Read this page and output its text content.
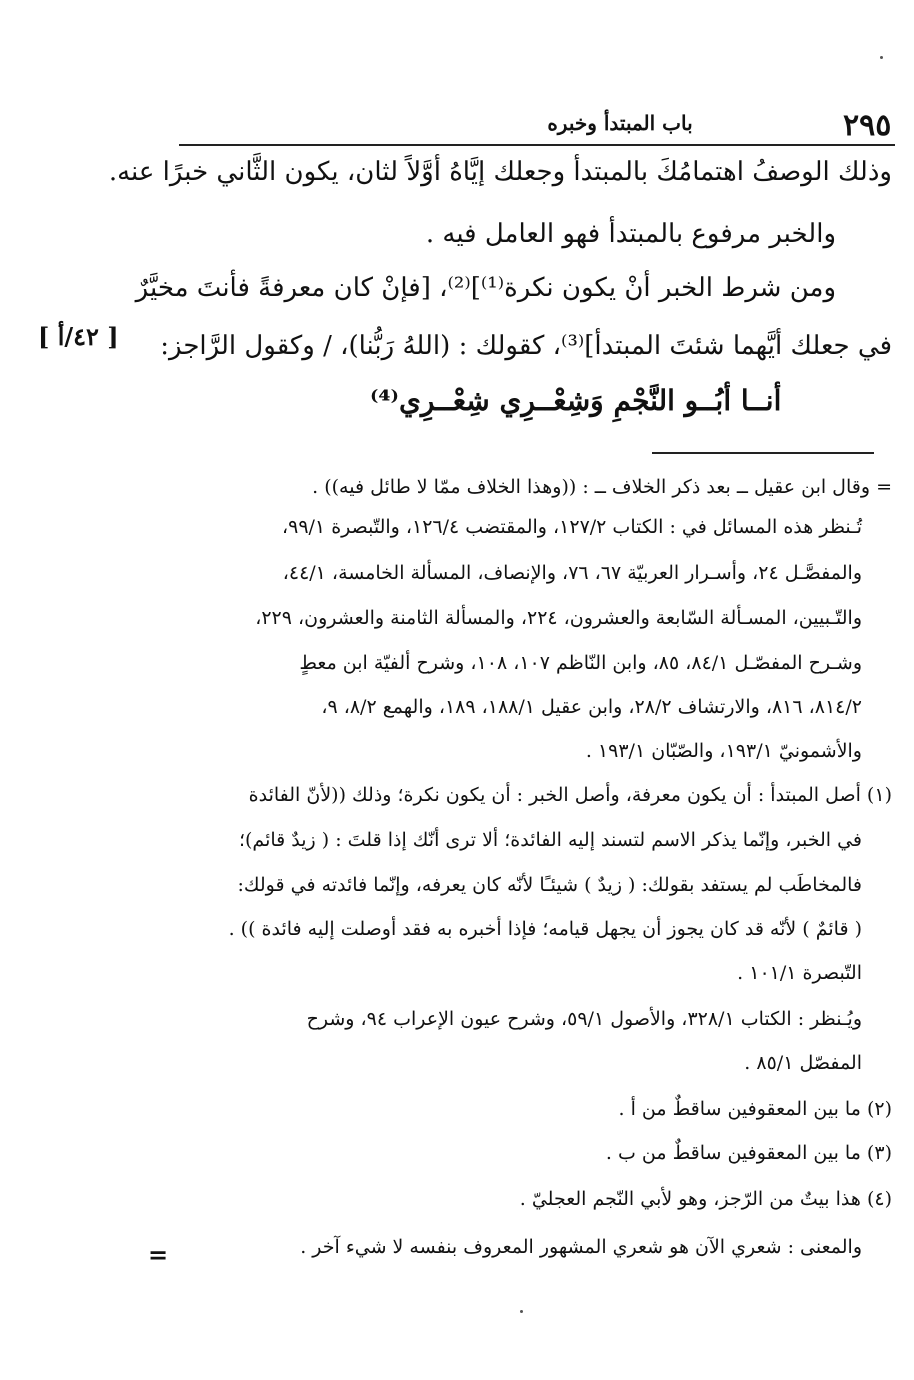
٢٩٥
باب المبتدأ وخبره
وذلك الوصفُ اهتمامُكَ بالمبتدأ وجعلك إيَّاهُ أوَّلاً لثان، يكون الثَّاني خبرًا عنه.
والخبر مرفوع بالمبتدأ فهو العامل فيه .
ومن شرط الخبر أنْ يكون نكرة⁽¹⁾]⁽²⁾، [فإنْ كان معرفةً فأنتَ مخيَّرٌ
في جعلك أيَّهما شئتَ المبتدأ]⁽³⁾، كقولك : (اللهُ رَبُّنا)، / وكقول الرَّاجز:
[ ٤٢/أ ]
أنــا أبُــو النَّجْمِ وَشِعْــرِي شِعْــرِي⁽⁴⁾
= وقال ابن عقيل ــ بعد ذكر الخلاف ــ : ((وهذا الخلاف ممّا لا طائل فيه)) .
تُـنظر هذه المسائل في : الكتاب ١٢٧/٢، والمقتضب ١٢٦/٤، والتّبصرة ٩٩/١،
والمفصَّـل ٢٤، وأسـرار العربيّة ٦٧، ٧٦، والإنصاف، المسألة الخامسة، ٤٤/١،
والتّـبيين، المسـألة السّابعة والعشرون، ٢٢٤، والمسألة الثامنة والعشرون، ٢٢٩،
وشـرح المفصّـل ٨٤/١، ٨٥، وابن النّاظم ١٠٧، ١٠٨، وشرح ألفيّة ابن معطٍ
٨١٤/٢، ٨١٦، والارتشاف ٢٨/٢، وابن عقيل ١٨٨/١، ١٨٩، والهمع ٨/٢، ٩،
والأشمونيّ ١٩٣/١، والصّبّان ١٩٣/١ .
(١) أصل المبتدأ : أن يكون معرفة، وأصل الخبر : أن يكون نكرة؛ وذلك ((لأنّ الفائدة
في الخبر، وإنّما يذكر الاسم لتسند إليه الفائدة؛ ألا ترى أنّك إذا قلتَ : ( زيدٌ قائم)؛
فالمخاطَب لم يستفد بقولك: ( زيدٌ ) شيئـًا لأنّه كان يعرفه، وإنّما فائدته في قولك:
( قائمٌ ) لأنّه قد كان يجوز أن يجهل قيامه؛ فإذا أخبره به فقد أوصلت إليه فائدة )) .
التّبصرة ١٠١/١ .
ويُـنظر : الكتاب ٣٢٨/١، والأصول ٥٩/١، وشرح عيون الإعراب ٩٤، وشرح
المفصّل ٨٥/١ .
(٢) ما بين المعقوفين ساقطٌ من أ .
(٣) ما بين المعقوفين ساقطٌ من ب .
(٤) هذا بيتٌ من الرّجز، وهو لأبي النّجم العجليّ .
والمعنى : شعري الآن هو شعري المشهور المعروف بنفسه لا شيء آخر .
=
